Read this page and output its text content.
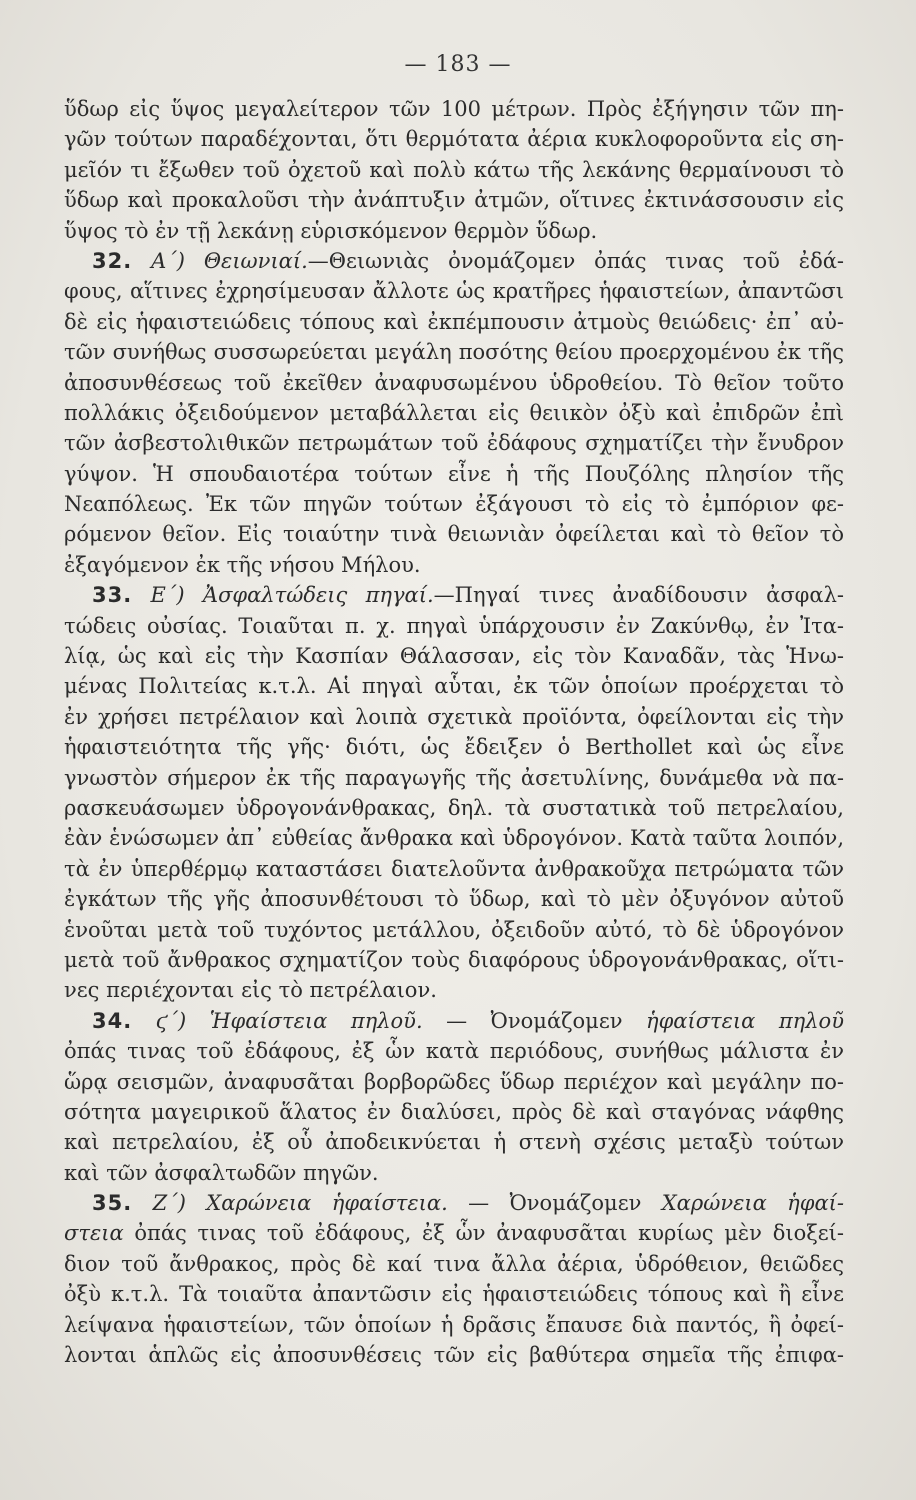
— 183 —
ὕδωρ εἰς ὕψος μεγαλείτερον τῶν 100 μέτρων. Πρὸς ἐξήγησιν τῶν πη-
γῶν τούτων παραδέχονται, ὅτι θερμότατα ἀέρια κυκλοφοροῦντα εἰς ση-
μεῖόν τι ἔξωθεν τοῦ ὀχετοῦ καὶ πολὺ κάτω τῆς λεκάνης θερμαίνουσι τὸ
ὕδωρ καὶ προκαλοῦσι τὴν ἀνάπτυξιν ἀτμῶν, οἵτινες ἐκτινάσσουσιν εἰς
ὕψος τὸ ἐν τῇ λεκάνῃ εὑρισκόμενον θερμὸν ὕδωρ.
32. Α΄) Θειωνιαί.—Θειωνιὰς ὀνομάζομεν ὀπάς τινας τοῦ ἐδά-
φους, αἵτινες ἐχρησίμευσαν ἄλλοτε ὡς κρατῆρες ἡφαιστείων, ἀπαντῶσι
δὲ εἰς ἡφαιστειώδεις τόπους καὶ ἐκπέμπουσιν ἀτμοὺς θειώδεις· ἐπ᾽ αὐ-
τῶν συνήθως συσσωρεύεται μεγάλη ποσότης θείου προερχομένου ἐκ τῆς
ἀποσυνθέσεως τοῦ ἐκεῖθεν ἀναφυσωμένου ὑδροθείου. Τὸ θεῖον τοῦτο
πολλάκις ὀξειδούμενον μεταβάλλεται εἰς θειικὸν ὀξὺ καὶ ἐπιδρῶν ἐπὶ
τῶν ἀσβεστολιθικῶν πετρωμάτων τοῦ ἐδάφους σχηματίζει τὴν ἔνυδρον
γύψον. Ἡ σπουδαιοτέρα τούτων εἶνε ἡ τῆς Πουζόλης πλησίον τῆς
Νεαπόλεως. Ἐκ τῶν πηγῶν τούτων ἐξάγουσι τὸ εἰς τὸ ἐμπόριον φε-
ρόμενον θεῖον. Εἰς τοιαύτην τινὰ θειωνιὰν ὀφείλεται καὶ τὸ θεῖον τὸ
ἐξαγόμενον ἐκ τῆς νήσου Μήλου.
33. Ε΄) Ἀσφαλτώδεις πηγαί.—Πηγαί τινες ἀναδίδουσιν ἀσφαλ-
τώδεις οὐσίας. Τοιαῦται π. χ. πηγαὶ ὑπάρχουσιν ἐν Ζακύνθῳ, ἐν Ἰτα-
λίᾳ, ὡς καὶ εἰς τὴν Κασπίαν Θάλασσαν, εἰς τὸν Καναδᾶν, τὰς Ἡνω-
μένας Πολιτείας κ.τ.λ. Αἱ πηγαὶ αὗται, ἐκ τῶν ὁποίων προέρχεται τὸ
ἐν χρήσει πετρέλαιον καὶ λοιπὰ σχετικὰ προϊόντα, ὀφείλονται εἰς τὴν
ἡφαιστειότητα τῆς γῆς· διότι, ὡς ἔδειξεν ὁ Berthollet καὶ ὡς εἶνε
γνωστὸν σήμερον ἐκ τῆς παραγωγῆς τῆς ἀσετυλίνης, δυνάμεθα νὰ πα-
ρασκευάσωμεν ὑδρογονάνθρακας, δηλ. τὰ συστατικὰ τοῦ πετρελαίου,
ἐὰν ἑνώσωμεν ἀπ᾽ εὐθείας ἄνθρακα καὶ ὑδρογόνον. Κατὰ ταῦτα λοιπόν,
τὰ ἐν ὑπερθέρμῳ καταστάσει διατελοῦντα ἀνθρακοῦχα πετρώματα τῶν
ἐγκάτων τῆς γῆς ἀποσυνθέτουσι τὸ ὕδωρ, καὶ τὸ μὲν ὀξυγόνον αὐτοῦ
ἑνοῦται μετὰ τοῦ τυχόντος μετάλλου, ὀξειδοῦν αὐτό, τὸ δὲ ὑδρογόνον
μετὰ τοῦ ἄνθρακος σχηματίζον τοὺς διαφόρους ὑδρογονάνθρακας, οἵτι-
νες περιέχονται εἰς τὸ πετρέλαιον.
34. ϛ΄) Ἡφαίστεια πηλοῦ. — Ὀνομάζομεν ἡφαίστεια πηλοῦ
ὀπάς τινας τοῦ ἐδάφους, ἐξ ὧν κατὰ περιόδους, συνήθως μάλιστα ἐν
ὥρᾳ σεισμῶν, ἀναφυσᾶται βορβορῶδες ὕδωρ περιέχον καὶ μεγάλην πο-
σότητα μαγειρικοῦ ἅλατος ἐν διαλύσει, πρὸς δὲ καὶ σταγόνας νάφθης
καὶ πετρελαίου, ἐξ οὗ ἀποδεικνύεται ἡ στενὴ σχέσις μεταξὺ τούτων
καὶ τῶν ἀσφαλτωδῶν πηγῶν.
35. Ζ΄) Χαρώνεια ἡφαίστεια. — Ὀνομάζομεν Χαρώνεια ἡφαί-
στεια ὀπάς τινας τοῦ ἐδάφους, ἐξ ὧν ἀναφυσᾶται κυρίως μὲν διοξεί-
διον τοῦ ἄνθρακος, πρὸς δὲ καί τινα ἄλλα ἀέρια, ὑδρόθειον, θειῶδες
ὀξὺ κ.τ.λ. Τὰ τοιαῦτα ἀπαντῶσιν εἰς ἡφαιστειώδεις τόπους καὶ ἢ εἶνε
λείψανα ἡφαιστείων, τῶν ὁποίων ἡ δρᾶσις ἔπαυσε διὰ παντός, ἢ ὀφεί-
λονται ἁπλῶς εἰς ἀποσυνθέσεις τῶν εἰς βαθύτερα σημεῖα τῆς ἐπιφα-
